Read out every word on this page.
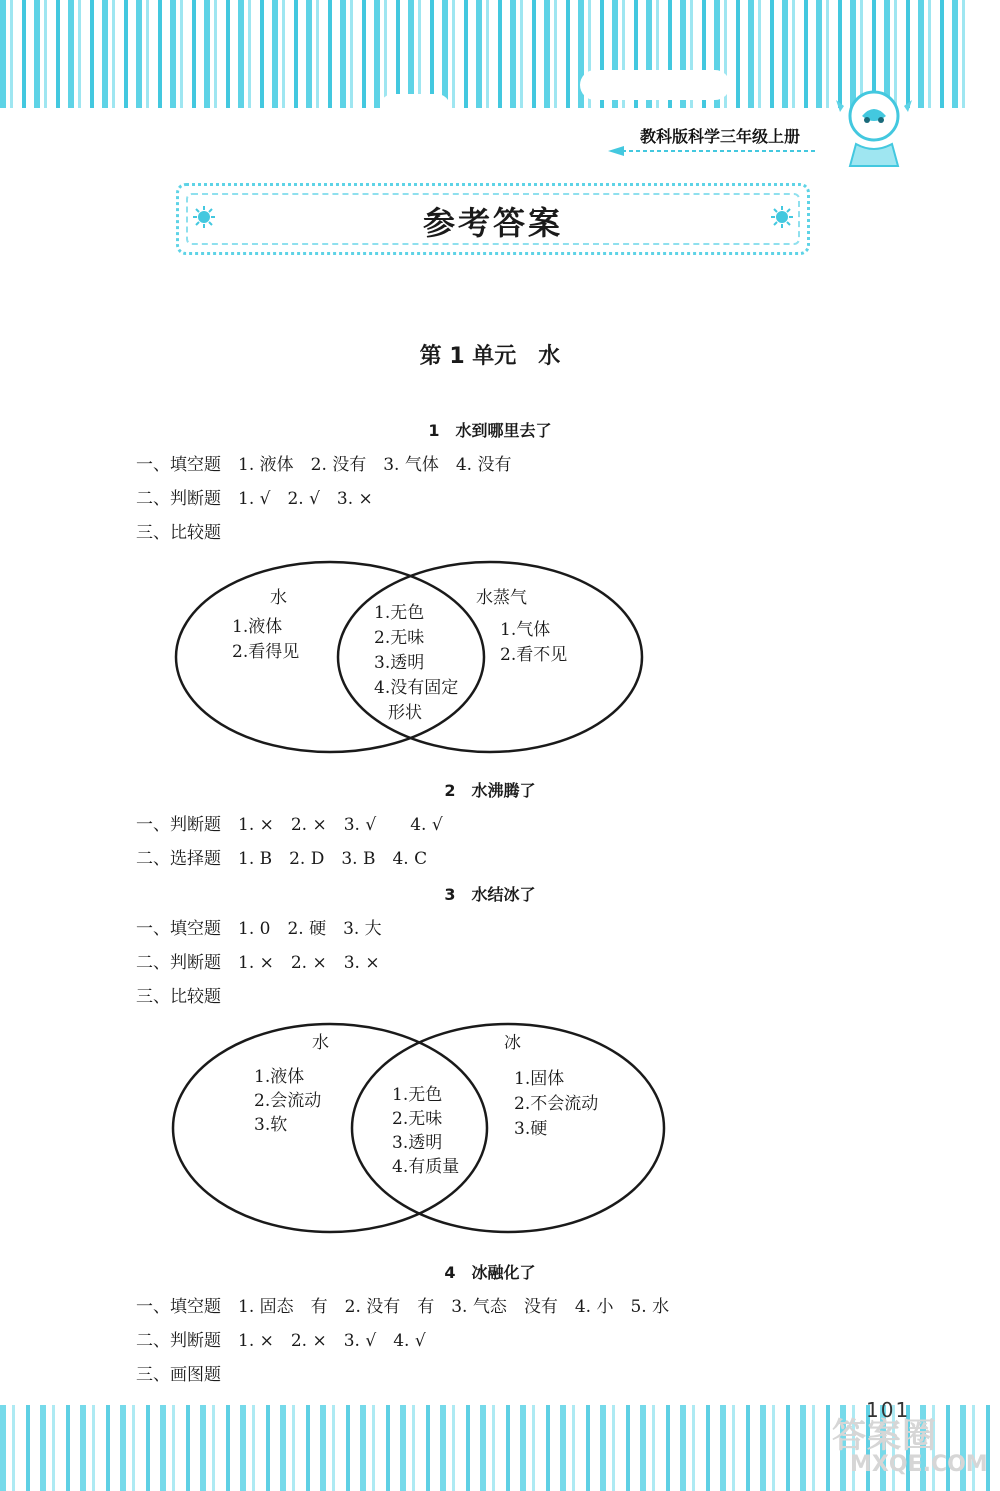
教科版科学三年级上册
参考答案
第 1 单元　水
1　水到哪里去了
一、填空题　1. 液体　2. 没有　3. 气体　4. 没有
二、判断题　1. √　2. √　3. ×
三、比较题
水
1.液体
2.看得见
1.无色
2.无味
3.透明
4.没有固定
形状
水蒸气
1.气体
2.看不见
2　水沸腾了
一、判断题　1. ×　2. ×　3. √　　4. √
二、选择题　1. B　2. D　3. B　4. C
3　水结冰了
一、填空题　1. 0　2. 硬　3. 大
二、判断题　1. ×　2. ×　3. ×
三、比较题
水
1.液体
2.会流动
3.软
1.无色
2.无味
3.透明
4.有质量
冰
1.固体
2.不会流动
3.硬
4　冰融化了
一、填空题　1. 固态　有　2. 没有　有　3. 气态　没有　4. 小　5. 水
二、判断题　1. ×　2. ×　3. √　4. √
三、画图题
101
答案圈
MXQE.COM
